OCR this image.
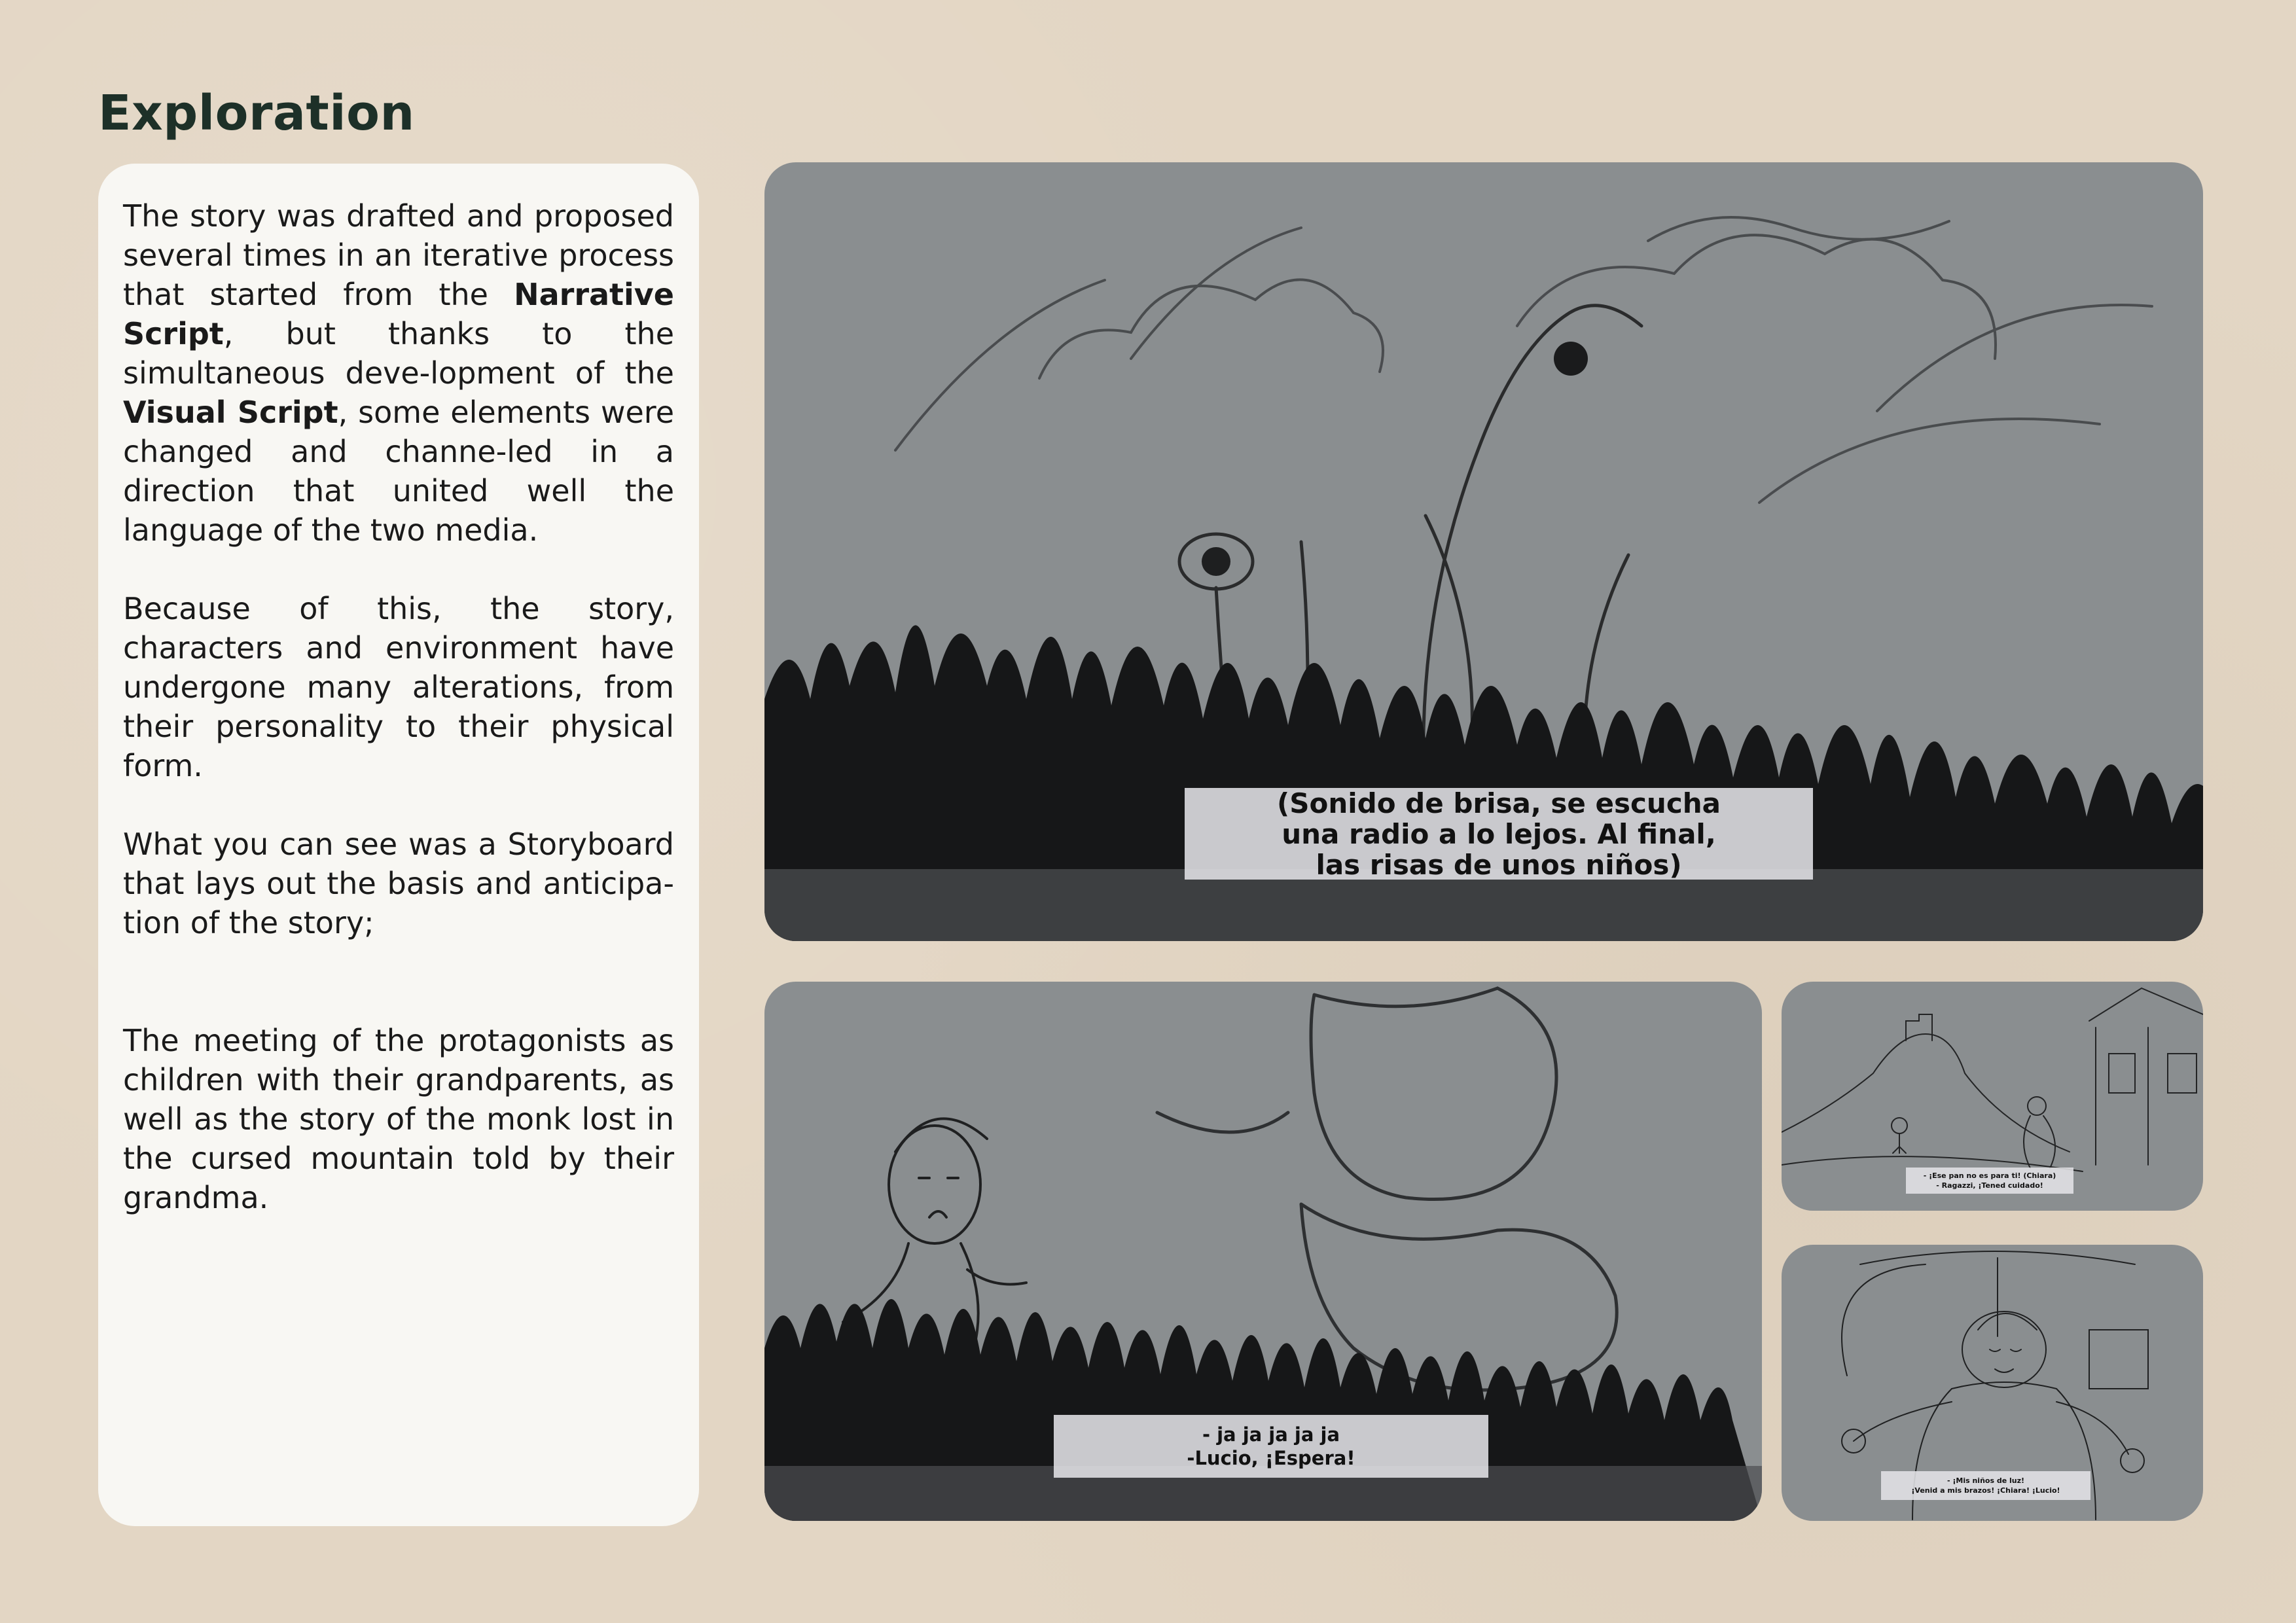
Exploration

The story was drafted and proposed several times in an iterative process that started from the Narrative Script, but thanks to the simultaneous deve-lopment of the Visual Script, some elements were changed and channe-led in a direction that united well the language of the two media.

Because of this, the story, characters and environment have undergone many alterations, from their personality to their physical form.

What you can see was a Storyboard that lays out the basis and anticipa-tion of the story;

The meeting of the protagonists as children with their grandparents, as well as the story of the monk lost in the cursed mountain told by their grandma.

(Sonido de brisa, se escucha
una radio a lo lejos. Al final,
las risas de unos niños)
- ja ja ja ja ja
-Lucio, ¡Espera!
- ¡Ese pan no es para ti! (Chiara)
- Ragazzi, ¡Tened cuidado!
- ¡Mis niños de luz!
¡Venid a mis brazos! ¡Chiara! ¡Lucio!
